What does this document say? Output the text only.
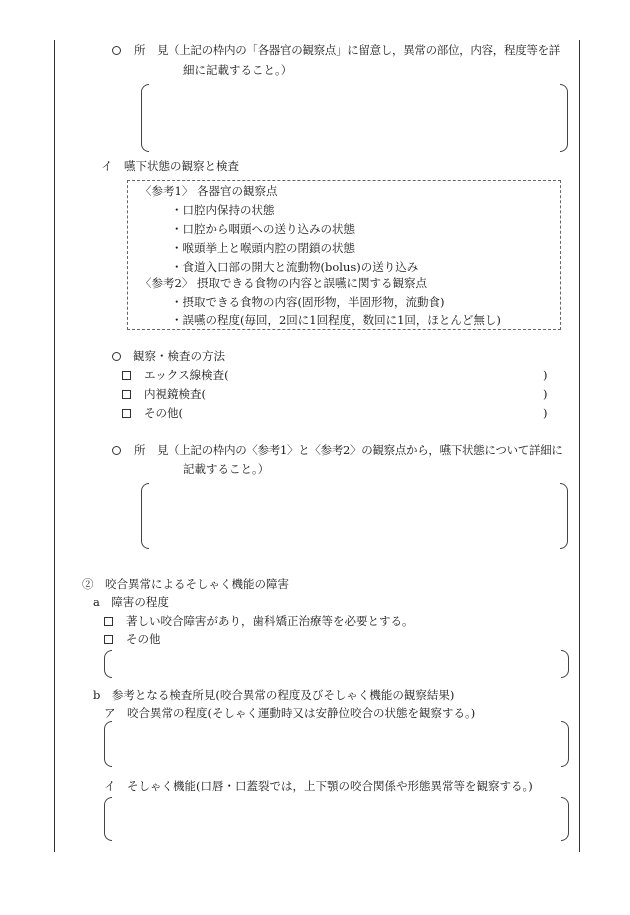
所　見 （上記の枠内の「各器官の観察点」に留意し，異常の部位，内容，程度等を詳
細に記載すること。）
イ　嚥下状態の観察と検査
〈参考1〉 各器官の観察点
・口腔内保持の状態
・口腔から咽頭への送り込みの状態
・喉頭挙上と喉頭内腔の閉鎖の状態
・食道入口部の開大と流動物(bolus)の送り込み
〈参考2〉 摂取できる食物の内容と誤嚥に関する観察点
・摂取できる食物の内容(固形物，半固形物，流動食)
・誤嚥の程度(毎回，2回に1回程度，数回に1回，ほとんど無し)
観察・検査の方法
エックス線検査(	)
内視鏡検査(	)
その他(	)
所　見 （上記の枠内の〈参考1〉と〈参考2〉の観察点から，嚥下状態について詳細に
記載すること。）
②　咬合異常によるそしゃく機能の障害
a　障害の程度
著しい咬合障害があり，歯科矯正治療等を必要とする。
その他
b　参考となる検査所見(咬合異常の程度及びそしゃく機能の観察結果)
ア　咬合異常の程度(そしゃく運動時又は安静位咬合の状態を観察する。)
イ　そしゃく機能(口唇・口蓋裂では，上下顎の咬合関係や形態異常等を観察する。)
